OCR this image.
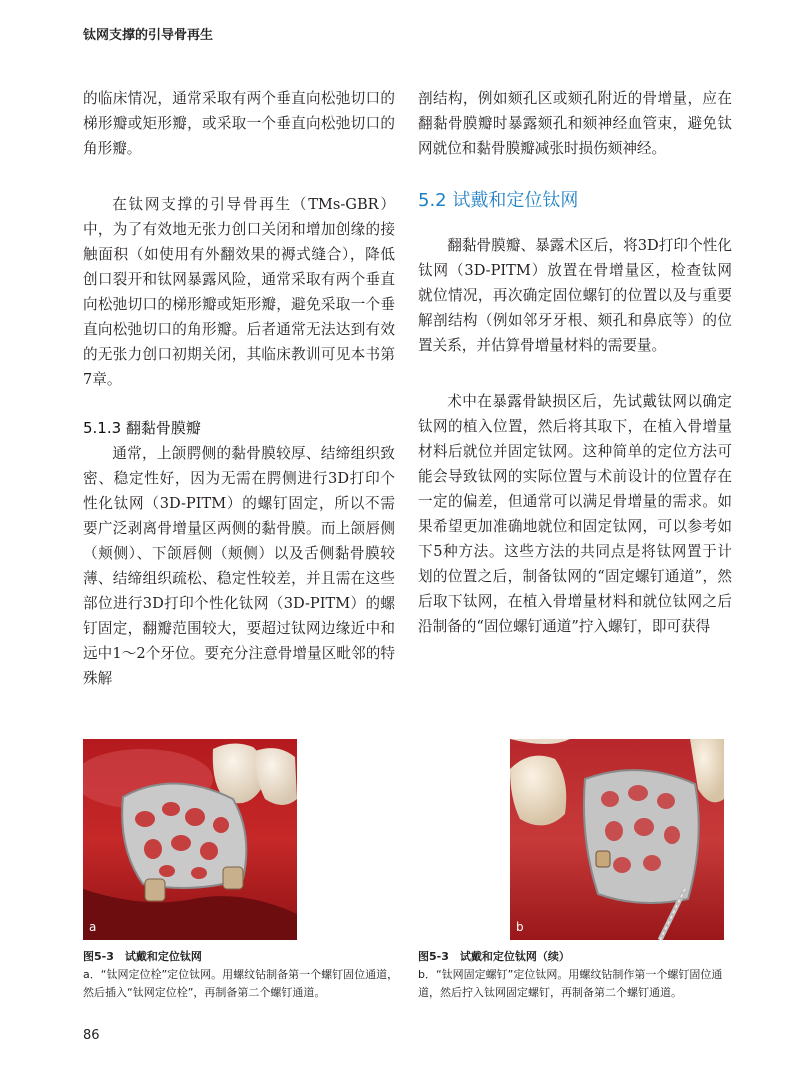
钛网支撑的引导骨再生

的临床情况，通常采取有两个垂直向松弛切口的梯形瓣或矩形瓣，或采取一个垂直向松弛切口的角形瓣。

在钛网支撑的引导骨再生（TMs-GBR）中，为了有效地无张力创口关闭和增加创缘的接触面积（如使用有外翻效果的褥式缝合），降低创口裂开和钛网暴露风险，通常采取有两个垂直向松弛切口的梯形瓣或矩形瓣，避免采取一个垂直向松弛切口的角形瓣。后者通常无法达到有效的无张力创口初期关闭，其临床教训可见本书第7章。

5.1.3 翻黏骨膜瓣

通常，上颌腭侧的黏骨膜较厚、结缔组织致密、稳定性好，因为无需在腭侧进行3D打印个性化钛网（3D-PITM）的螺钉固定，所以不需要广泛剥离骨增量区两侧的黏骨膜。而上颌唇侧（颊侧）、下颌唇侧（颊侧）以及舌侧黏骨膜较薄、结缔组织疏松、稳定性较差，并且需在这些部位进行3D打印个性化钛网（3D-PITM）的螺钉固定，翻瓣范围较大，要超过钛网边缘近中和远中1～2个牙位。要充分注意骨增量区毗邻的特殊解

剖结构，例如颏孔区或颏孔附近的骨增量，应在翻黏骨膜瓣时暴露颏孔和颏神经血管束，避免钛网就位和黏骨膜瓣减张时损伤颏神经。

5.2 试戴和定位钛网

翻黏骨膜瓣、暴露术区后，将3D打印个性化钛网（3D-PITM）放置在骨增量区，检查钛网就位情况，再次确定固位螺钉的位置以及与重要解剖结构（例如邻牙牙根、颏孔和鼻底等）的位置关系，并估算骨增量材料的需要量。

术中在暴露骨缺损区后，先试戴钛网以确定钛网的植入位置，然后将其取下，在植入骨增量材料后就位并固定钛网。这种简单的定位方法可能会导致钛网的实际位置与术前设计的位置存在一定的偏差，但通常可以满足骨增量的需求。如果希望更加准确地就位和固定钛网，可以参考如下5种方法。这些方法的共同点是将钛网置于计划的位置之后，制备钛网的“固定螺钉通道”，然后取下钛网，在植入骨增量材料和就位钛网之后沿制备的“固位螺钉通道”拧入螺钉，即可获得

a	b
图5-3　试戴和定位钛网
a．“钛网定位栓”定位钛网。用螺纹钻制备第一个螺钉固位通道，然后插入“钛网定位栓”，再制备第二个螺钉通道。
图5-3　试戴和定位钛网（续）
b．“钛网固定螺钉”定位钛网。用螺纹钻制作第一个螺钉固位通道，然后拧入钛网固定螺钉，再制备第二个螺钉通道。
86
